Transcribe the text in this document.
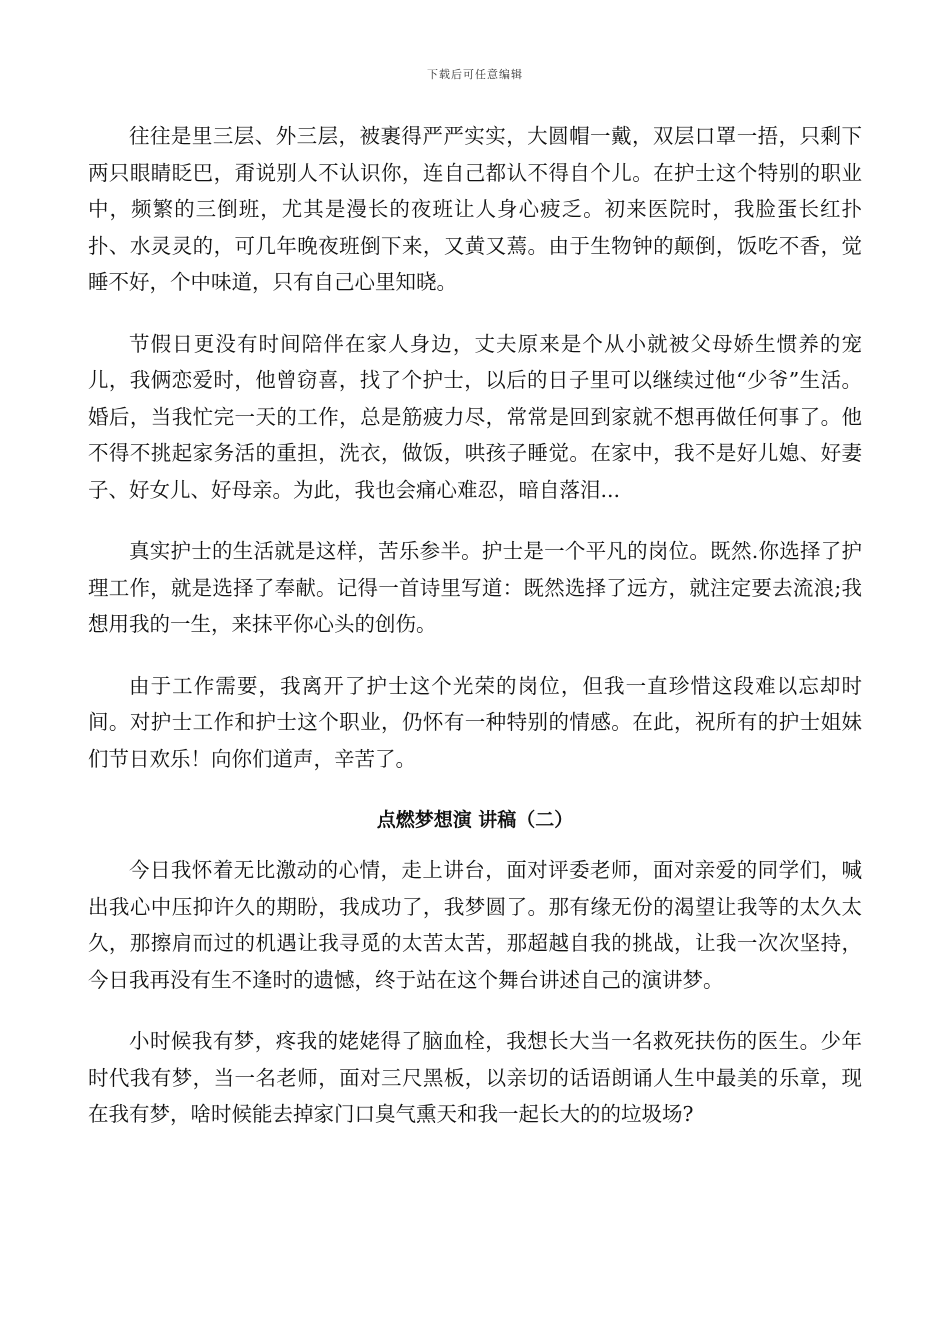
下载后可任意编辑

往往是里三层、外三层，被裹得严严实实，大圆帽一戴，双层口罩一捂，只剩下两只眼睛眨巴，甭说别人不认识你，连自己都认不得自个儿。在护士这个特别的职业中，频繁的三倒班，尤其是漫长的夜班让人身心疲乏。初来医院时，我脸蛋长红扑扑、水灵灵的，可几年晚夜班倒下来，又黄又蔫。由于生物钟的颠倒，饭吃不香，觉睡不好，个中味道，只有自己心里知晓。

节假日更没有时间陪伴在家人身边，丈夫原来是个从小就被父母娇生惯养的宠儿，我俩恋爱时，他曾窃喜，找了个护士，以后的日子里可以继续过他“少爷”生活。婚后，当我忙完一天的工作，总是筋疲力尽，常常是回到家就不想再做任何事了。他不得不挑起家务活的重担，洗衣，做饭，哄孩子睡觉。在家中，我不是好儿媳、好妻子、好女儿、好母亲。为此，我也会痛心难忍，暗自落泪...

真实护士的生活就是这样，苦乐参半。护士是一个平凡的岗位。既然.你选择了护理工作，就是选择了奉献。记得一首诗里写道：既然选择了远方，就注定要去流浪;我想用我的一生，来抹平你心头的创伤。

由于工作需要，我离开了护士这个光荣的岗位，但我一直珍惜这段难以忘却时间。对护士工作和护士这个职业，仍怀有一种特别的情感。在此，祝所有的护士姐妹们节日欢乐！向你们道声，辛苦了。

点燃梦想演 讲稿（二）

今日我怀着无比激动的心情，走上讲台，面对评委老师，面对亲爱的同学们，喊出我心中压抑许久的期盼，我成功了，我梦圆了。那有缘无份的渴望让我等的太久太久，那擦肩而过的机遇让我寻觅的太苦太苦，那超越自我的挑战，让我一次次坚持，今日我再没有生不逢时的遗憾，终于站在这个舞台讲述自己的演讲梦。

小时候我有梦，疼我的姥姥得了脑血栓，我想长大当一名救死扶伤的医生。少年时代我有梦，当一名老师，面对三尺黑板，以亲切的话语朗诵人生中最美的乐章，现在我有梦，啥时候能去掉家门口臭气熏天和我一起长大的的垃圾场?
